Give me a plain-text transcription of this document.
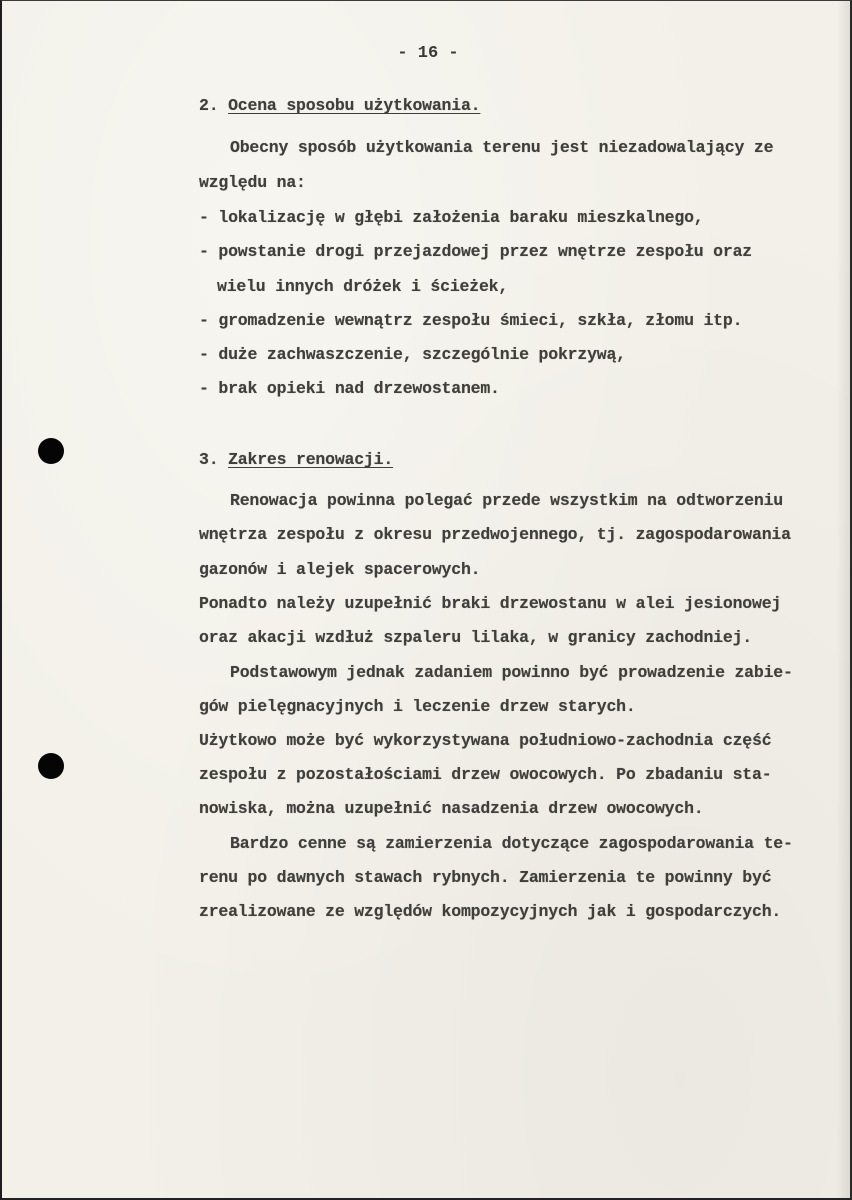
- 16 -
2. Ocena sposobu użytkowania.
Obecny sposób użytkowania terenu jest niezadowalający ze
względu na:
- lokalizację w głębi założenia baraku mieszkalnego,
- powstanie drogi przejazdowej przez wnętrze zespołu oraz
wielu innych dróżek i ścieżek,
- gromadzenie wewnątrz zespołu śmieci, szkła, złomu itp.
- duże zachwaszczenie, szczególnie pokrzywą,
- brak opieki nad drzewostanem.
3. Zakres renowacji.
Renowacja powinna polegać przede wszystkim na odtworzeniu
wnętrza zespołu z okresu przedwojennego, tj. zagospodarowania
gazonów i alejek spacerowych.
Ponadto należy uzupełnić braki drzewostanu w alei jesionowej
oraz akacji wzdłuż szpaleru lilaka, w granicy zachodniej.
Podstawowym jednak zadaniem powinno być prowadzenie zabie-
gów pielęgnacyjnych i leczenie drzew starych.
Użytkowo może być wykorzystywana południowo-zachodnia część
zespołu z pozostałościami drzew owocowych. Po zbadaniu sta-
nowiska, można uzupełnić nasadzenia drzew owocowych.
Bardzo cenne są zamierzenia dotyczące zagospodarowania te-
renu po dawnych stawach rybnych. Zamierzenia te powinny być
zrealizowane ze względów kompozycyjnych jak i gospodarczych.
